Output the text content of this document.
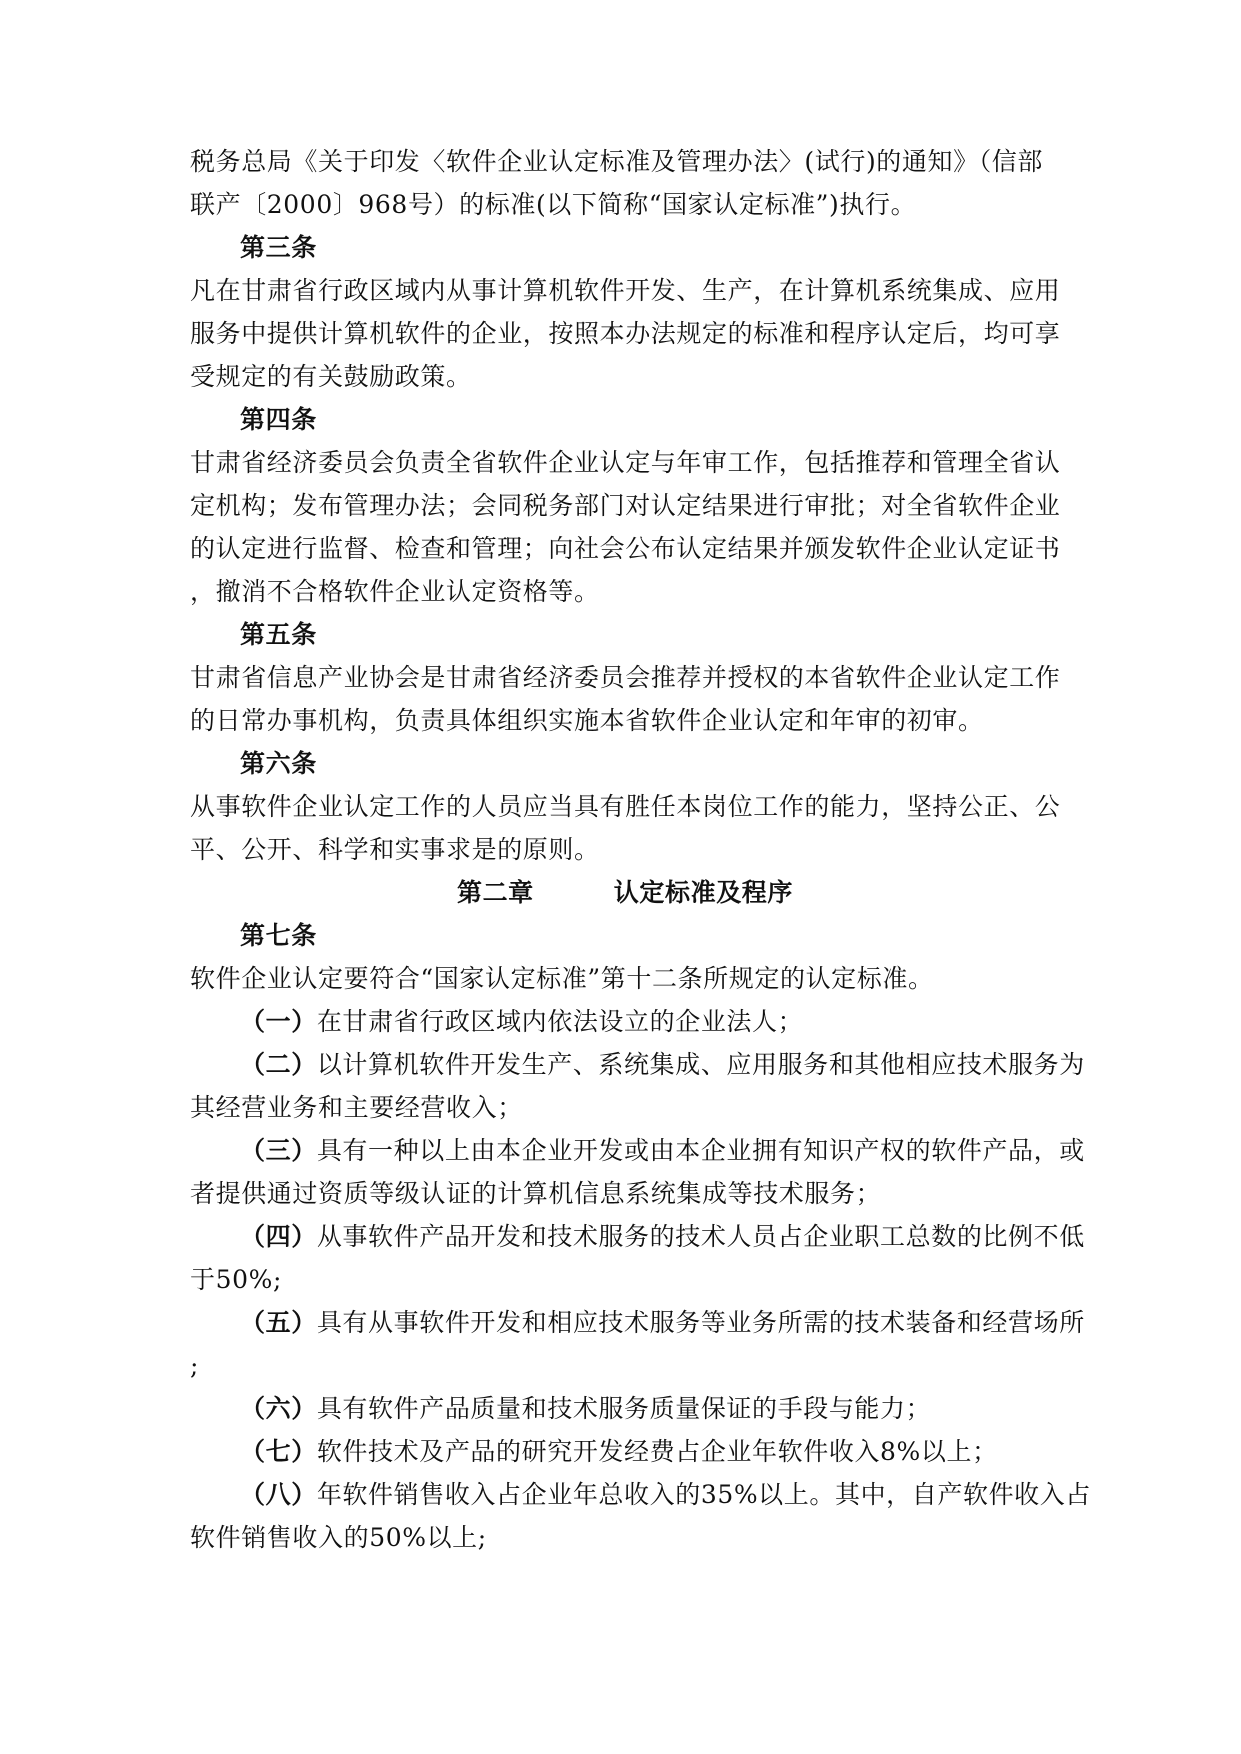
税务总局《关于印发〈软件企业认定标准及管理办法〉(试行)的通知》（信部
联产〔2000〕968号）的标准(以下简称“国家认定标准”)执行。
第三条
凡在甘肃省行政区域内从事计算机软件开发、生产，在计算机系统集成、应用
服务中提供计算机软件的企业，按照本办法规定的标准和程序认定后，均可享
受规定的有关鼓励政策。
第四条
甘肃省经济委员会负责全省软件企业认定与年审工作，包括推荐和管理全省认
定机构；发布管理办法；会同税务部门对认定结果进行审批；对全省软件企业
的认定进行监督、检查和管理；向社会公布认定结果并颁发软件企业认定证书
，撤消不合格软件企业认定资格等。
第五条
甘肃省信息产业协会是甘肃省经济委员会推荐并授权的本省软件企业认定工作
的日常办事机构，负责具体组织实施本省软件企业认定和年审的初审。
第六条
从事软件企业认定工作的人员应当具有胜任本岗位工作的能力，坚持公正、公
平、公开、科学和实事求是的原则。
第二章	认定标准及程序
第七条
软件企业认定要符合“国家认定标准”第十二条所规定的认定标准。
（一）在甘肃省行政区域内依法设立的企业法人；
（二）以计算机软件开发生产、系统集成、应用服务和其他相应技术服务为
其经营业务和主要经营收入；
（三）具有一种以上由本企业开发或由本企业拥有知识产权的软件产品，或
者提供通过资质等级认证的计算机信息系统集成等技术服务；
（四）从事软件产品开发和技术服务的技术人员占企业职工总数的比例不低
于50%;
（五）具有从事软件开发和相应技术服务等业务所需的技术装备和经营场所
;
（六）具有软件产品质量和技术服务质量保证的手段与能力；
（七）软件技术及产品的研究开发经费占企业年软件收入8%以上；
（八）年软件销售收入占企业年总收入的35%以上。其中，自产软件收入占
软件销售收入的50%以上;
